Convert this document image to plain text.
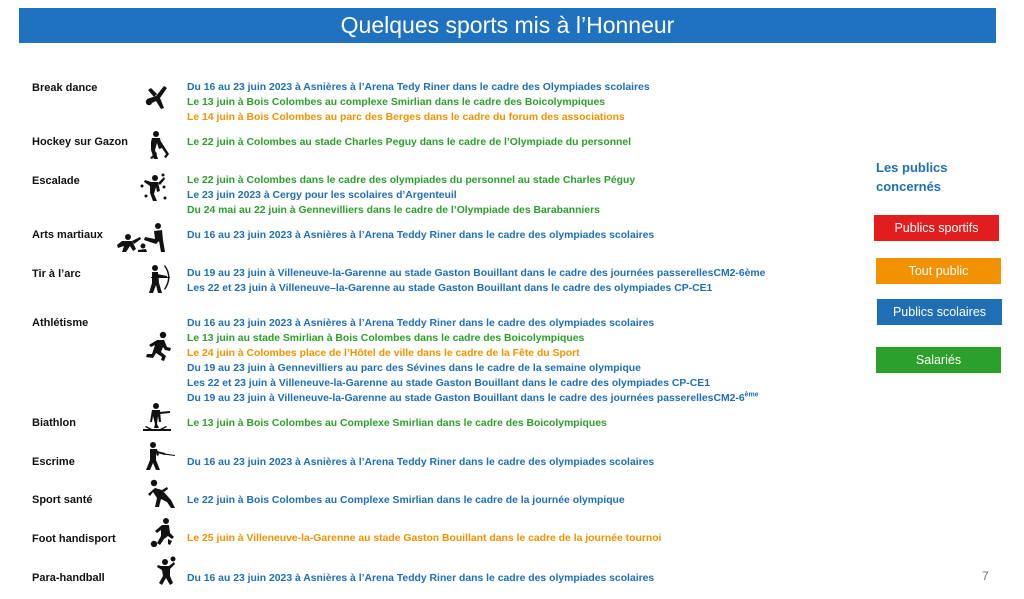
Quelques sports mis à l’Honneur
Break dance	Du 16 au 23 juin 2023 à Asnières à l’Arena Tedy Riner dans le cadre des Olympiades scolaires
Le 13 juin à Bois Colombes au complexe Smirlian dans le cadre des Boicolympiques
Le 14 juin à Bois Colombes au parc des Berges dans le cadre du forum des associations
Hockey sur Gazon	Le 22 juin à Colombes au stade Charles Peguy dans le cadre de l’Olympiade du personnel
Escalade	Le 22 juin à Colombes dans le cadre des olympiades du personnel au stade Charles Péguy
Le 23 juin 2023 à Cergy pour les scolaires d’Argenteuil
Du 24 mai au 22 juin à Gennevilliers dans le cadre de l’Olympiade des Barabanniers
Arts martiaux	Du 16 au 23 juin 2023 à Asnières à l’Arena Teddy Riner dans le cadre des olympiades scolaires
Tir à l’arc	Du 19 au 23 juin à Villeneuve-la-Garenne au stade Gaston Bouillant dans le cadre des journées passerellesCM2-6ème
Les 22 et 23 juin à Villeneuve–la-Garenne au stade Gaston Bouillant dans le cadre des olympiades CP-CE1
Athlétisme	Du 16 au 23 juin 2023 à Asnières à l’Arena Teddy Riner dans le cadre des olympiades scolaires
Le 13 juin au stade Smirlian à Bois Colombes dans le cadre des Boicolympiques
Le 24 juin à Colombes place de l’Hôtel de ville dans le cadre de la Fête du Sport
Du 19 au 23 juin à Gennevilliers au parc des Sévines dans le cadre de la semaine olympique
Les 22 et 23 juin à Villeneuve-la-Garenne au stade Gaston Bouillant dans le cadre des olympiades CP-CE1
Du 19 au 23 juin à Villeneuve-la-Garenne au stade Gaston Bouillant dans le cadre des journées passerellesCM2-6ème
Biathlon	Le 13 juin à Bois Colombes au Complexe Smirlian dans le cadre des Boicolympiques
Escrime	Du 16 au 23 juin 2023 à Asnières à l’Arena Teddy Riner dans le cadre des olympiades scolaires
Sport santé	Le 22 juin à Bois Colombes au Complexe Smirlian dans le cadre de la journée olympique
Foot handisport	Le 25 juin à Villeneuve-la-Garenne au stade Gaston Bouillant dans le cadre de la journée tournoi
Para-handball	Du 16 au 23 juin 2023 à Asnières à l’Arena Teddy Riner dans le cadre des olympiades scolaires
Les publics
concernés
Publics sportifs
Tout public
Publics scolaires
Salariés
7
